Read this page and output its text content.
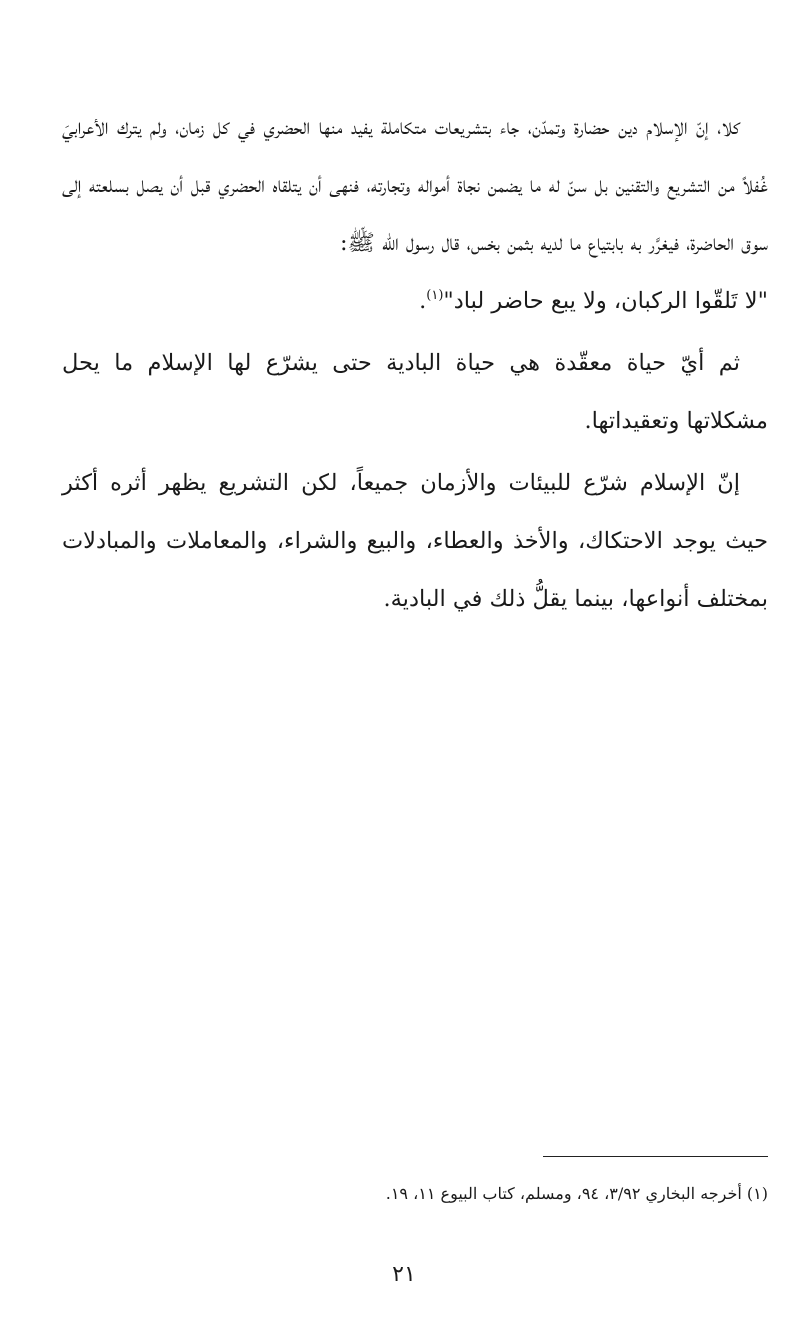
كلا، إنّ الإسلام دين حضارة وتمدّن، جاء بتشريعات متكاملة يفيد منها الحضري في كل زمان، ولم يترك الأعرابيَ غُفلاً من التشريع والتقنين بل سنّ له ما يضمن نجاة أمواله وتجارته، فنهى أن يتلقاه الحضري قبل أن يصل بسلعته إلى سوق الحاضرة، فيغرَّر به بابتياع ما لديه بثمن بخس، قال رسول الله ﷺ:

"لا تَلقّوا الركبان، ولا يبع حاضر لباد"$^{(١)}$.

ثم أيّ حياة معقّدة هي حياة البادية حتى يشرّع لها الإسلام ما يحل مشكلاتها وتعقيداتها.

إنّ الإسلام شرّع للبيئات والأزمان جميعاً، لكن التشريع يظهر أثره أكثر حيث يوجد الاحتكاك، والأخذ والعطاء، والبيع والشراء، والمعاملات والمبادلات بمختلف أنواعها، بينما يقلُّ ذلك في البادية.

(١) أخرجه البخاري ٣/٩٢، ٩٤، ومسلم، كتاب البيوع ١١، ١٩.
٢١
